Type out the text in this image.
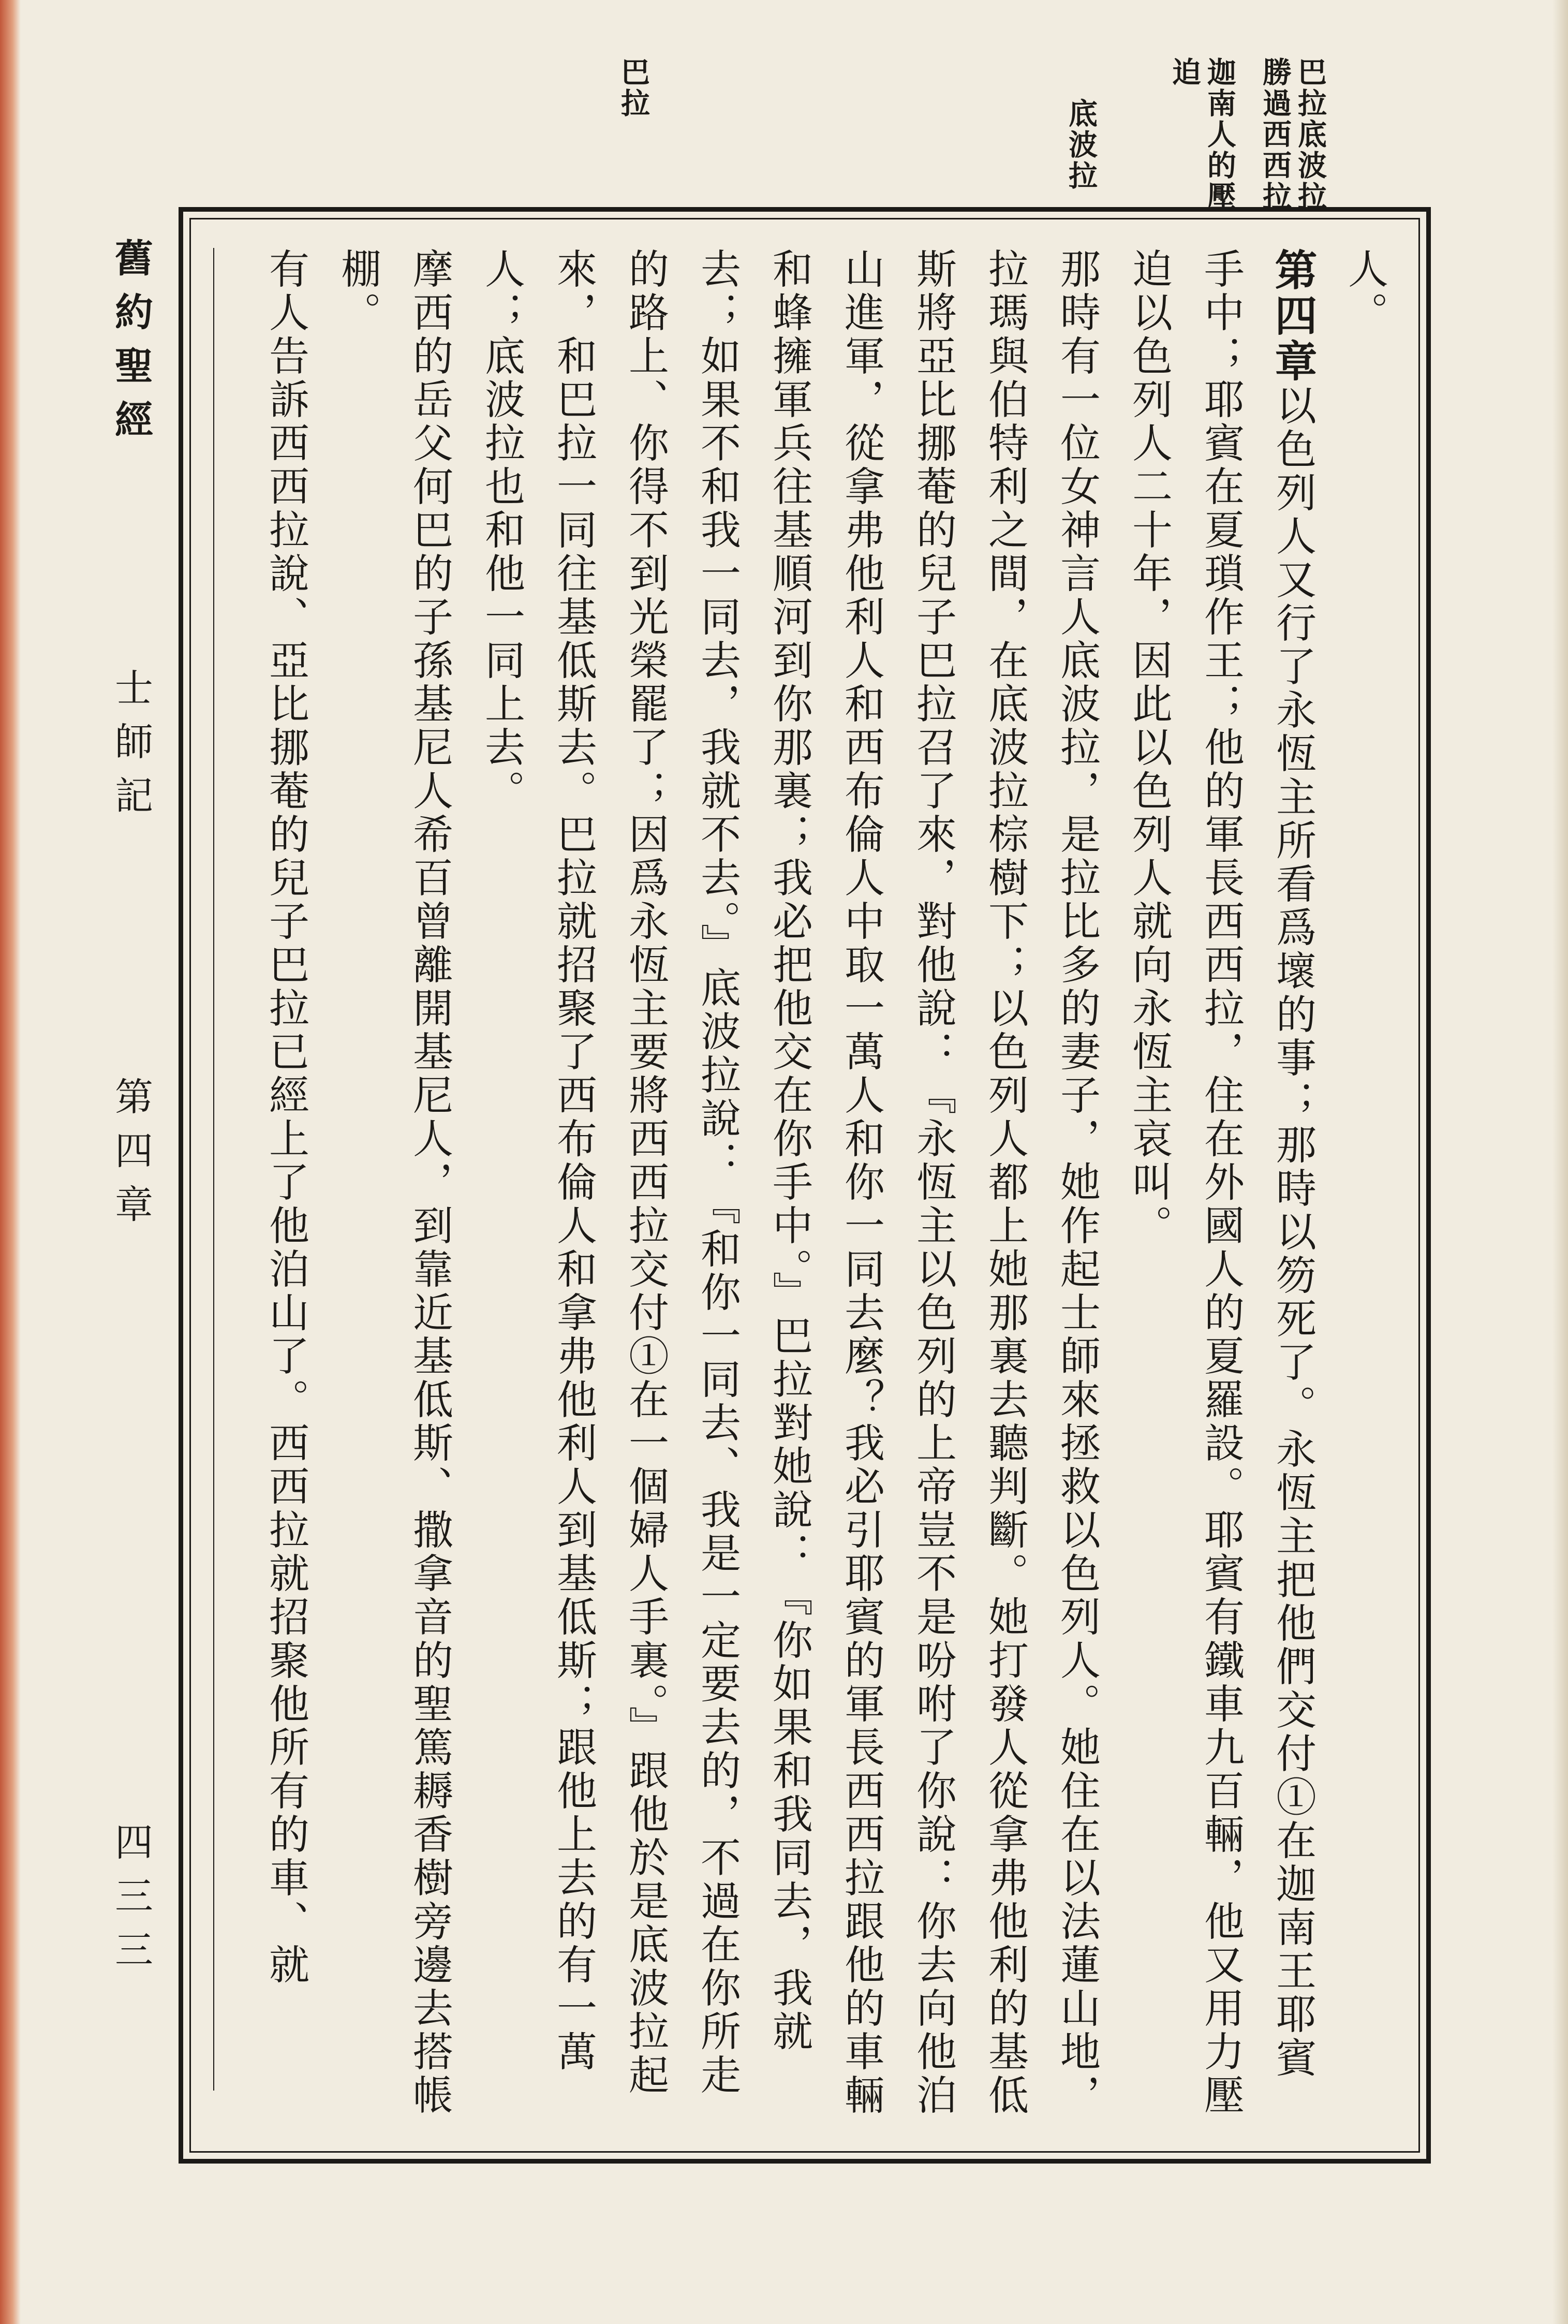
巴拉底波拉勝過西西拉
迦南人的壓迫
底波拉
巴拉

人。

第四章以色列人又行了永恆主所看爲壞的事；那時以笏死了。永恆主把他們交付①在迦南王耶賓手中；耶賓在夏瑣作王；他的軍長西西拉，住在外國人的夏羅設。耶賓有鐵車九百輛，他又用力壓迫以色列人二十年，因此以色列人就向永恆主哀叫。

那時有一位女神言人底波拉，是拉比多的妻子，她作起士師來拯救以色列人。她住在以法蓮山地，拉瑪與伯特利之間，在底波拉棕樹下；以色列人都上她那裏去聽判斷。她打發人從拿弗他利的基低斯將亞比挪菴的兒子巴拉召了來，對他說：『永恆主以色列的上帝豈不是吩咐了你說：你去向他泊山進軍，從拿弗他利人和西布倫人中取一萬人和你一同去麼？我必引耶賓的軍長西西拉跟他的車輛和蜂擁軍兵往基順河到你那裏；我必把他交在你手中。』巴拉對她說：『你如果和我同去，我就去；如果不和我一同去，我就不去。』底波拉說：『和你一同去、我是一定要去的，不過在你所走的路上、你得不到光榮罷了；因爲永恆主要將西西拉交付①在一個婦人手裏。』跟他於是底波拉起來，和巴拉一同往基低斯去。巴拉就招聚了西布倫人和拿弗他利人到基低斯；跟他上去的有一萬人；底波拉也和他一同上去。

摩西的岳父何巴的子孫基尼人希百曾離開基尼人，到靠近基低斯、撒拿音的聖篤耨香樹旁邊去搭帳棚。

有人告訴西西拉說、亞比挪菴的兒子巴拉已經上了他泊山了。西西拉就招聚他所有的車、就

舊約聖經
士師記
第四章
四三三
